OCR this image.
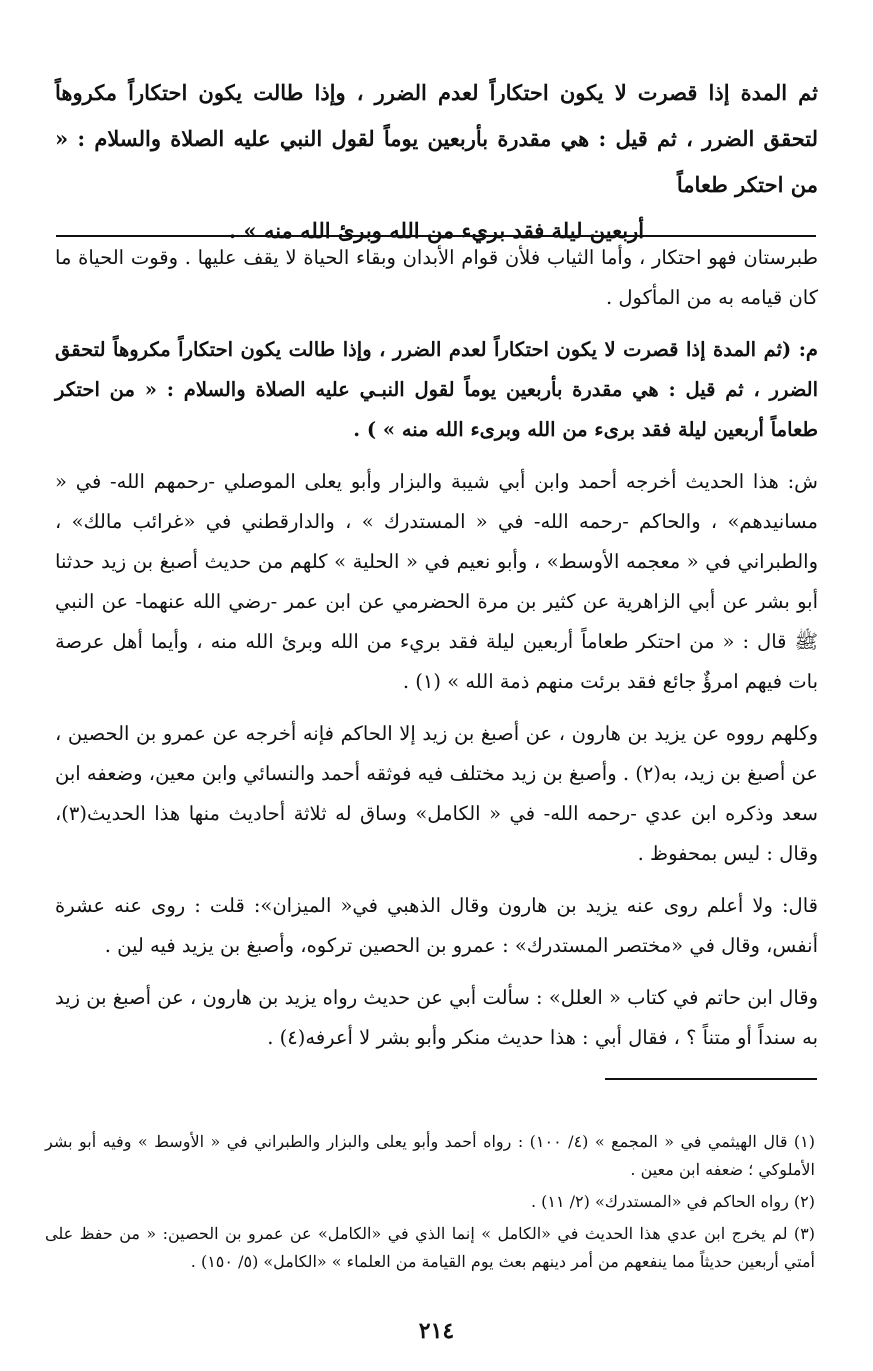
ثم المدة إذا قصرت لا يكون احتكاراً لعدم الضرر ، وإذا طالت يكون احتكاراً مكروهاً لتحقق الضرر ، ثم قيل : هي مقدرة بأربعين يوماً لقول النبي عليه الصلاة والسلام : « من احتكر طعاماً

أربعين ليلة فقد بريء من الله وبرئ الله منه » .

طبرستان فهو احتكار ، وأما الثياب فلأن قوام الأبدان وبقاء الحياة لا يقف عليها . وقوت الحياة ما كان قيامه به من المأكول .

م: (ثم المدة إذا قصرت لا يكون احتكاراً لعدم الضرر ، وإذا طالت يكون احتكاراً مكروهاً لتحقق الضرر ، ثم قيل : هي مقدرة بأربعين يوماً لقول النبـي عليه الصلاة والسلام : « من احتكر طعاماً أربعين ليلة فقد برىء من الله وبرىء الله منه » ) .

ش: هذا الحديث أخرجه أحمد وابن أبي شيبة والبزار وأبو يعلى الموصلي -رحمهم الله- في « مسانيدهم» ، والحاكم -رحمه الله- في « المستدرك » ، والدارقطني في «غرائب مالك» ، والطبراني في « معجمه الأوسط» ، وأبو نعيم في « الحلية » كلهم من حديث أصبغ بن زيد حدثنا أبو بشر عن أبي الزاهرية عن كثير بن مرة الحضرمي عن ابن عمر -رضي الله عنهما- عن النبي ﷺ قال : « من احتكر طعاماً أربعين ليلة فقد بريء من الله وبرئ الله منه ، وأيما أهل عرصة بات فيهم امرؤٌ جائع فقد برئت منهم ذمة الله » (١) .

وكلهم رووه عن يزيد بن هارون ، عن أصبغ بن زيد إلا الحاكم فإنه أخرجه عن عمرو بن الحصين ، عن أصبغ بن زيد، به(٢) . وأصبغ بن زيد مختلف فيه فوثقه أحمد والنسائي وابن معين، وضعفه ابن سعد وذكره ابن عدي -رحمه الله- في « الكامل» وساق له ثلاثة أحاديث منها هذا الحديث(٣)، وقال : ليس بمحفوظ .

قال: ولا أعلم روى عنه يزيد بن هارون وقال الذهبي في« الميزان»: قلت : روى عنه عشرة أنفس، وقال في «مختصر المستدرك» : عمرو بن الحصين تركوه، وأصبغ بن يزيد فيه لين .

وقال ابن حاتم في كتاب « العلل» : سألت أبي عن حديث رواه يزيد بن هارون ، عن أصبغ بن زيد به سنداً أو متناً ؟ ، فقال أبي : هذا حديث منكر وأبو بشر لا أعرفه(٤) .

(١) قال الهيثمي في « المجمع » (٤/ ١٠٠) : رواه أحمد وأبو يعلى والبزار والطبراني في « الأوسط » وفيه أبو بشر الأملوكي ؛ ضعفه ابن معين .

(٢) رواه الحاكم في «المستدرك» (٢/ ١١) .

(٣) لم يخرج ابن عدي هذا الحديث في «الكامل » إنما الذي في «الكامل» عن عمرو بن الحصين: « من حفظ على أمتي أربعين حديثاً مما ينفعهم من أمر دينهم بعث يوم القيامة من العلماء » «الكامل» (٥/ ١٥٠) .

٢١٤
